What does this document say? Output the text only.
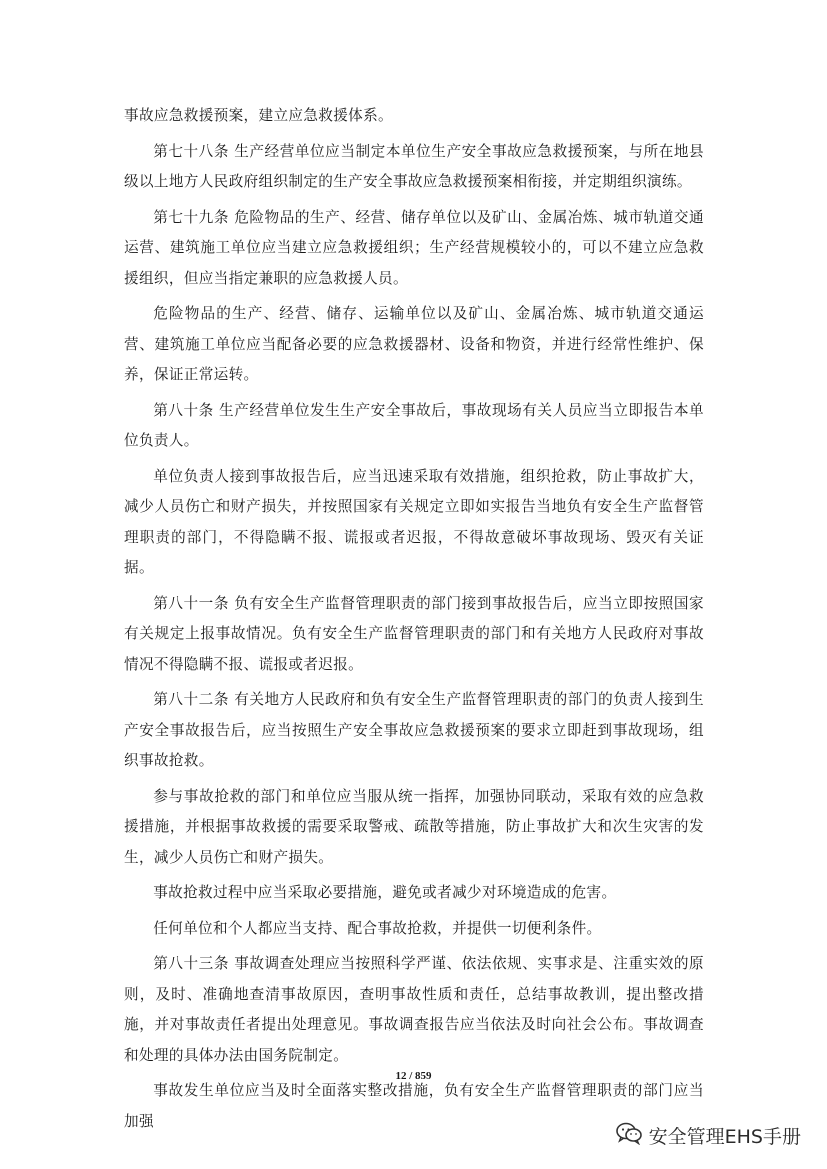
事故应急救援预案，建立应急救援体系。

第七十八条 生产经营单位应当制定本单位生产安全事故应急救援预案，与所在地县级以上地方人民政府组织制定的生产安全事故应急救援预案相衔接，并定期组织演练。

第七十九条 危险物品的生产、经营、储存单位以及矿山、金属冶炼、城市轨道交通运营、建筑施工单位应当建立应急救援组织；生产经营规模较小的，可以不建立应急救援组织，但应当指定兼职的应急救援人员。

危险物品的生产、经营、储存、运输单位以及矿山、金属冶炼、城市轨道交通运营、建筑施工单位应当配备必要的应急救援器材、设备和物资，并进行经常性维护、保养，保证正常运转。

第八十条 生产经营单位发生生产安全事故后，事故现场有关人员应当立即报告本单位负责人。

单位负责人接到事故报告后，应当迅速采取有效措施，组织抢救，防止事故扩大，减少人员伤亡和财产损失，并按照国家有关规定立即如实报告当地负有安全生产监督管理职责的部门，不得隐瞒不报、谎报或者迟报，不得故意破坏事故现场、毁灭有关证据。

第八十一条 负有安全生产监督管理职责的部门接到事故报告后，应当立即按照国家有关规定上报事故情况。负有安全生产监督管理职责的部门和有关地方人民政府对事故情况不得隐瞒不报、谎报或者迟报。

第八十二条 有关地方人民政府和负有安全生产监督管理职责的部门的负责人接到生产安全事故报告后，应当按照生产安全事故应急救援预案的要求立即赶到事故现场，组织事故抢救。

参与事故抢救的部门和单位应当服从统一指挥，加强协同联动，采取有效的应急救援措施，并根据事故救援的需要采取警戒、疏散等措施，防止事故扩大和次生灾害的发生，减少人员伤亡和财产损失。

事故抢救过程中应当采取必要措施，避免或者减少对环境造成的危害。

任何单位和个人都应当支持、配合事故抢救，并提供一切便利条件。

第八十三条 事故调查处理应当按照科学严谨、依法依规、实事求是、注重实效的原则，及时、准确地查清事故原因，查明事故性质和责任，总结事故教训，提出整改措施，并对事故责任者提出处理意见。事故调查报告应当依法及时向社会公布。事故调查和处理的具体办法由国务院制定。

事故发生单位应当及时全面落实整改措施，负有安全生产监督管理职责的部门应当加强

12 / 859
安全管理EHS手册
